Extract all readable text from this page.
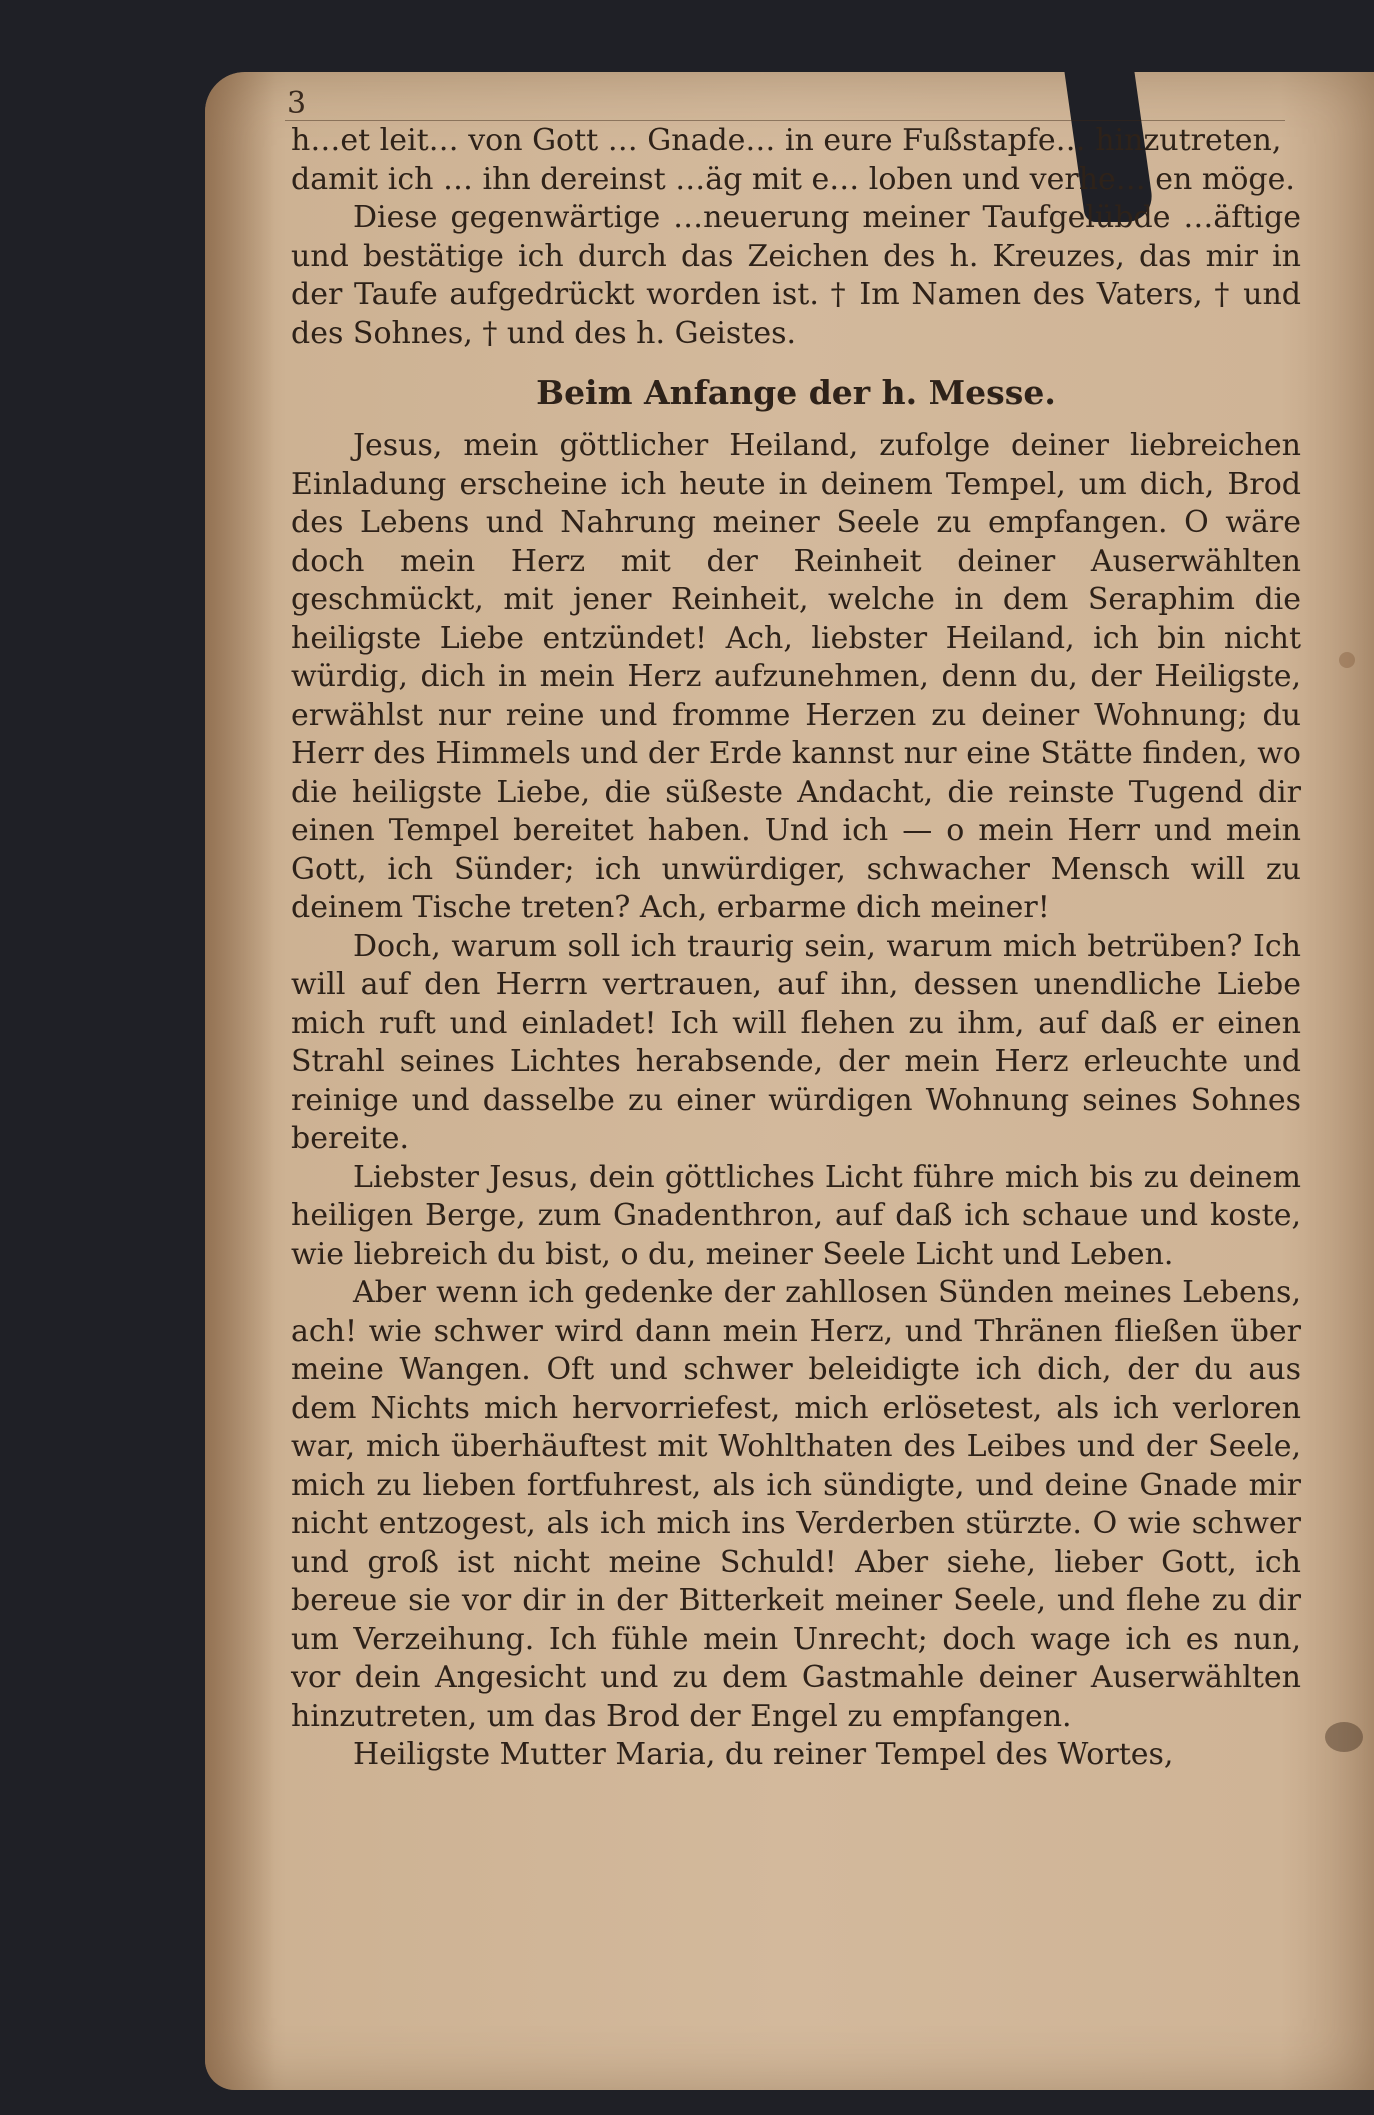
3

h…et leit… von Gott … Gnade… in eure Fußstapfe… hinzutreten,

damit ich … ihn dereinst …äg mit e… loben und verhe… en möge.

Diese gegenwärtige …neuerung meiner Taufgelübde …äftige und bestätige ich durch das Zeichen des h. Kreuzes, das mir in der Taufe aufgedrückt worden ist. † Im Namen des Vaters, † und des Sohnes, † und des h. Geistes.

Beim Anfange der h. Messe.

Jesus, mein göttlicher Heiland, zufolge deiner liebreichen Einladung erscheine ich heute in deinem Tempel, um dich, Brod des Lebens und Nahrung meiner Seele zu empfangen. O wäre doch mein Herz mit der Reinheit deiner Auserwählten geschmückt, mit jener Reinheit, welche in dem Seraphim die heiligste Liebe entzündet! Ach, liebster Heiland, ich bin nicht würdig, dich in mein Herz aufzunehmen, denn du, der Heiligste, erwählst nur reine und fromme Herzen zu deiner Wohnung; du Herr des Himmels und der Erde kannst nur eine Stätte finden, wo die heiligste Liebe, die süßeste Andacht, die reinste Tugend dir einen Tempel bereitet haben. Und ich — o mein Herr und mein Gott, ich Sünder; ich unwürdiger, schwacher Mensch will zu deinem Tische treten? Ach, erbarme dich meiner!

Doch, warum soll ich traurig sein, warum mich betrüben? Ich will auf den Herrn vertrauen, auf ihn, dessen unendliche Liebe mich ruft und einladet! Ich will flehen zu ihm, auf daß er einen Strahl seines Lichtes herabsende, der mein Herz erleuchte und reinige und dasselbe zu einer würdigen Wohnung seines Sohnes bereite.

Liebster Jesus, dein göttliches Licht führe mich bis zu deinem heiligen Berge, zum Gnadenthron, auf daß ich schaue und koste, wie liebreich du bist, o du, meiner Seele Licht und Leben.

Aber wenn ich gedenke der zahllosen Sünden meines Lebens, ach! wie schwer wird dann mein Herz, und Thränen fließen über meine Wangen. Oft und schwer beleidigte ich dich, der du aus dem Nichts mich hervorriefest, mich erlösetest, als ich verloren war, mich überhäuftest mit Wohlthaten des Leibes und der Seele, mich zu lieben fortfuhrest, als ich sündigte, und deine Gnade mir nicht entzogest, als ich mich ins Verderben stürzte. O wie schwer und groß ist nicht meine Schuld! Aber siehe, lieber Gott, ich bereue sie vor dir in der Bitterkeit meiner Seele, und flehe zu dir um Verzeihung. Ich fühle mein Unrecht; doch wage ich es nun, vor dein Angesicht und zu dem Gastmahle deiner Auserwählten hinzutreten, um das Brod der Engel zu empfangen.

Heiligste Mutter Maria, du reiner Tempel des Wortes,
